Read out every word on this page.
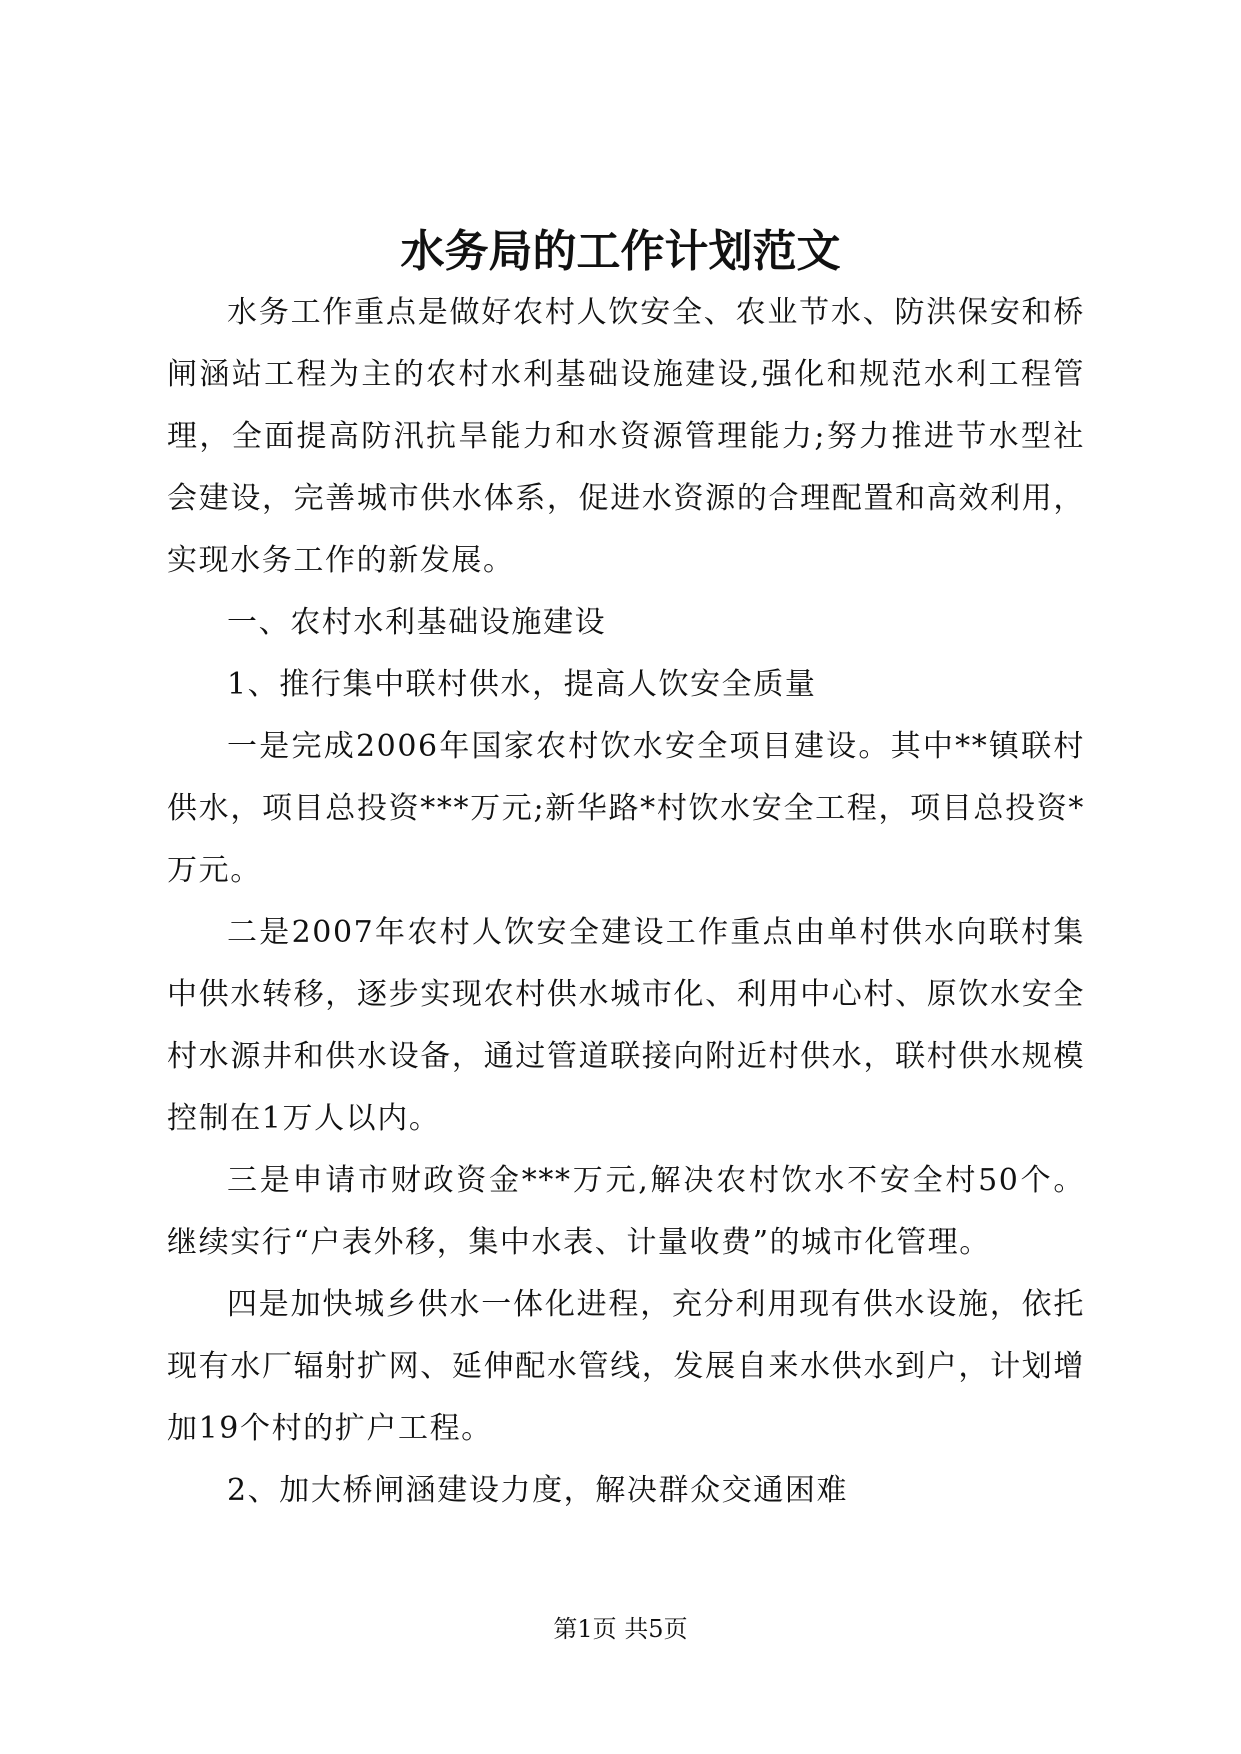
水务局的工作计划范文

水务工作重点是做好农村人饮安全、农业节水、防洪保安和桥闸涵站工程为主的农村水利基础设施建设,强化和规范水利工程管理，全面提高防汛抗旱能力和水资源管理能力;努力推进节水型社会建设，完善城市供水体系，促进水资源的合理配置和高效利用，实现水务工作的新发展。

一、农村水利基础设施建设

1、推行集中联村供水，提高人饮安全质量

一是完成2006年国家农村饮水安全项目建设。其中**镇联村供水，项目总投资***万元;新华路*村饮水安全工程，项目总投资*万元。

二是2007年农村人饮安全建设工作重点由单村供水向联村集中供水转移，逐步实现农村供水城市化、利用中心村、原饮水安全村水源井和供水设备，通过管道联接向附近村供水，联村供水规模控制在1万人以内。

三是申请市财政资金***万元,解决农村饮水不安全村50个。继续实行“户表外移，集中水表、计量收费”的城市化管理。

四是加快城乡供水一体化进程，充分利用现有供水设施，依托现有水厂辐射扩网、延伸配水管线，发展自来水供水到户，计划增加19个村的扩户工程。

2、加大桥闸涵建设力度，解决群众交通困难

第1页 共5页
